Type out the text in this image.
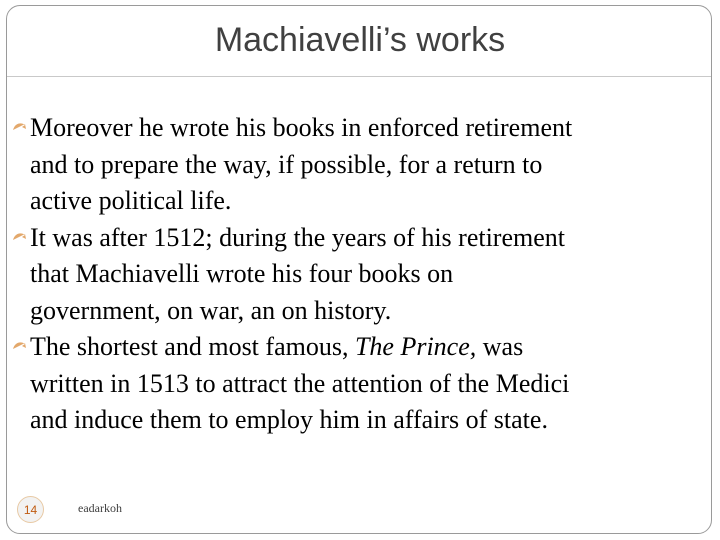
Machiavelli’s works
Moreover he wrote his books in enforced retirement
and to prepare the way, if possible, for a return to
active political life.
It was after 1512; during the years of his retirement
that Machiavelli wrote his four books on
government, on war, an on history.
The shortest and most famous, The Prince, was
written in 1513 to attract the attention of the Medici
and induce them to employ him in affairs of state.
14	eadarkoh
